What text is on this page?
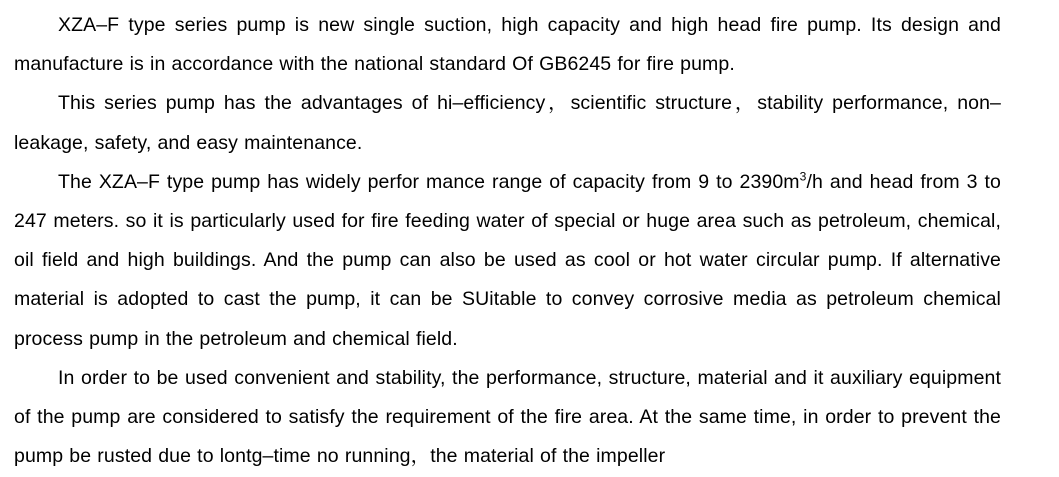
XZA–F type series pump is new single suction, high capacity and high head fire pump. Its design and manufacture is in accordance with the national standard Of GB6245 for fire pump.

This series pump has the advantages of hi–efficiency，scientific structure，stability performance, non–leakage, safety, and easy maintenance.

The XZA–F type pump has widely perfor mance range of capacity from 9 to $2390m^3/h$ and head from 3 to 247 meters. so it is particularly used for fire feeding water of special or huge area such as petroleum, chemical, oil field and high buildings. And the pump can also be used as cool or hot water circular pump. If alternative material is adopted to cast the pump, it can be SUitable to convey corrosive media as petroleum chemical process pump in the petroleum and chemical field.

In order to be used convenient and stability, the performance, structure, material and it auxiliary equipment of the pump are considered to satisfy the requirement of the fire area. At the same time, in order to prevent the pump be rusted due to lontg–time no running，the material of the impeller
